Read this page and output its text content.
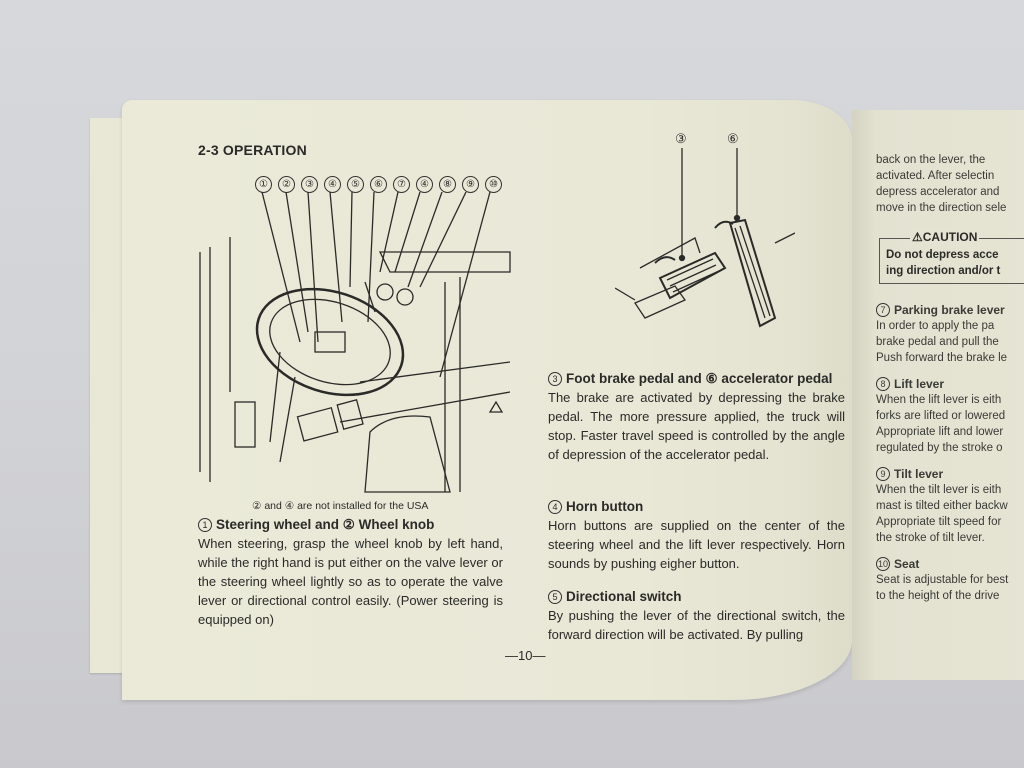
2-3 OPERATION
①	②	③	④	⑤	⑥	⑦	④	⑧	⑨	⑩
② and ④ are not installed for the USA
③	⑥
1 Steering wheel and ② Wheel knob

When steering, grasp the wheel knob by left hand, while the right hand is put either on the valve lever or the steering wheel lightly so as to operate the valve lever or directional control easily. (Power steering is equipped on)

3 Foot brake pedal and ⑥ accelerator pedal

The brake are activated by depressing the brake pedal. The more pressure applied, the truck will stop. Faster travel speed is controlled by the angle of depression of the accelerator pedal.

4 Horn button

Horn buttons are supplied on the center of the steering wheel and the lift lever respectively. Horn sounds by pushing eigher button.

5 Directional switch

By pushing the lever of the directional switch, the forward direction will be activated. By pulling

—10—

back on the lever, the

activated. After selectin

depress accelerator and

move in the direction sele

⚠CAUTION
Do not depress acce
ing direction and/or t
7 Parking brake lever

In order to apply the pa

brake pedal and pull the

Push forward the brake le

8 Lift lever

When the lift lever is eith

forks are lifted or lowered

Appropriate lift and lower

regulated by the stroke o

9 Tilt lever

When the tilt lever is eith

mast is tilted either backw

Appropriate tilt speed for

the stroke of tilt lever.

10 Seat

Seat is adjustable for best

to the height of the drive
